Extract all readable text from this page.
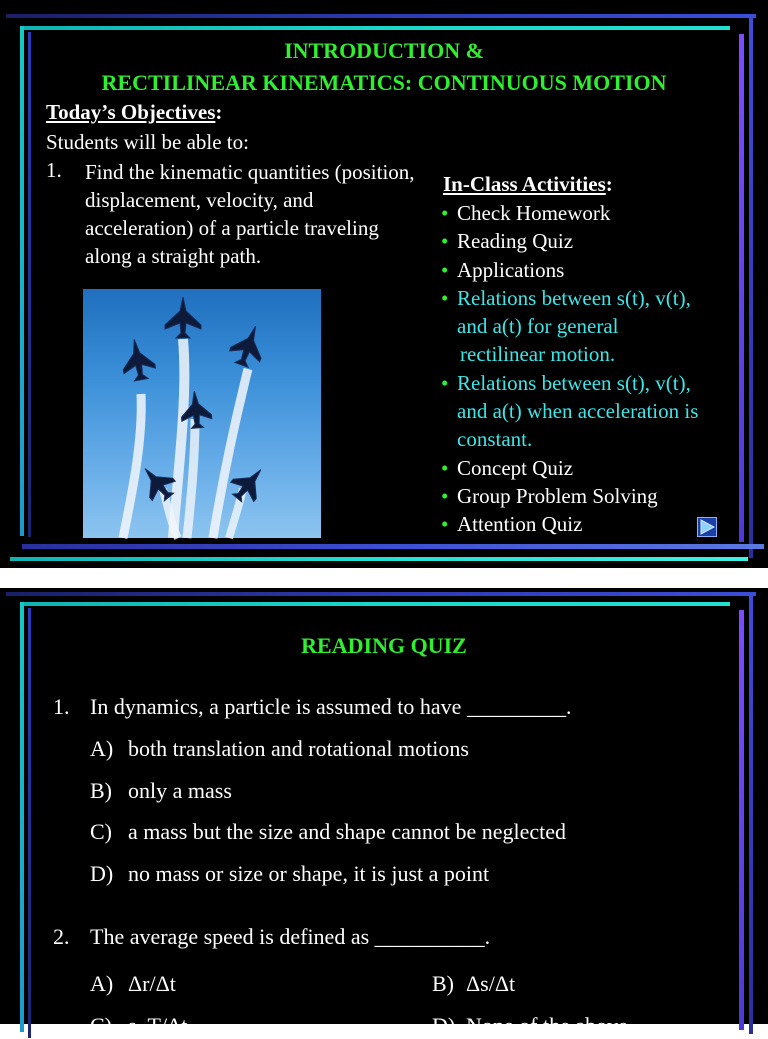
INTRODUCTION &
RECTILINEAR KINEMATICS: CONTINUOUS MOTION
Today’s Objectives:
Students will be able to:
1. Find the kinematic quantities (position, displacement, velocity, and acceleration) of a particle traveling along a straight path.
In-Class Activities:
• Check Homework
• Reading Quiz
• Applications
• Relations between s(t), v(t),
and a(t) for general
rectilinear motion.
• Relations between s(t), v(t),
and a(t) when acceleration is
constant.
• Concept Quiz
• Group Problem Solving
• Attention Quiz
READING QUIZ
1. In dynamics, a particle is assumed to have _________.
A) both translation and rotational motions
B) only a mass
C) a mass but the size and shape cannot be neglected
D) no mass or size or shape, it is just a point
2. The average speed is defined as __________.
A) Δr/Δt	B) Δs/Δt
C) s_T/Δt	D) None of the above
